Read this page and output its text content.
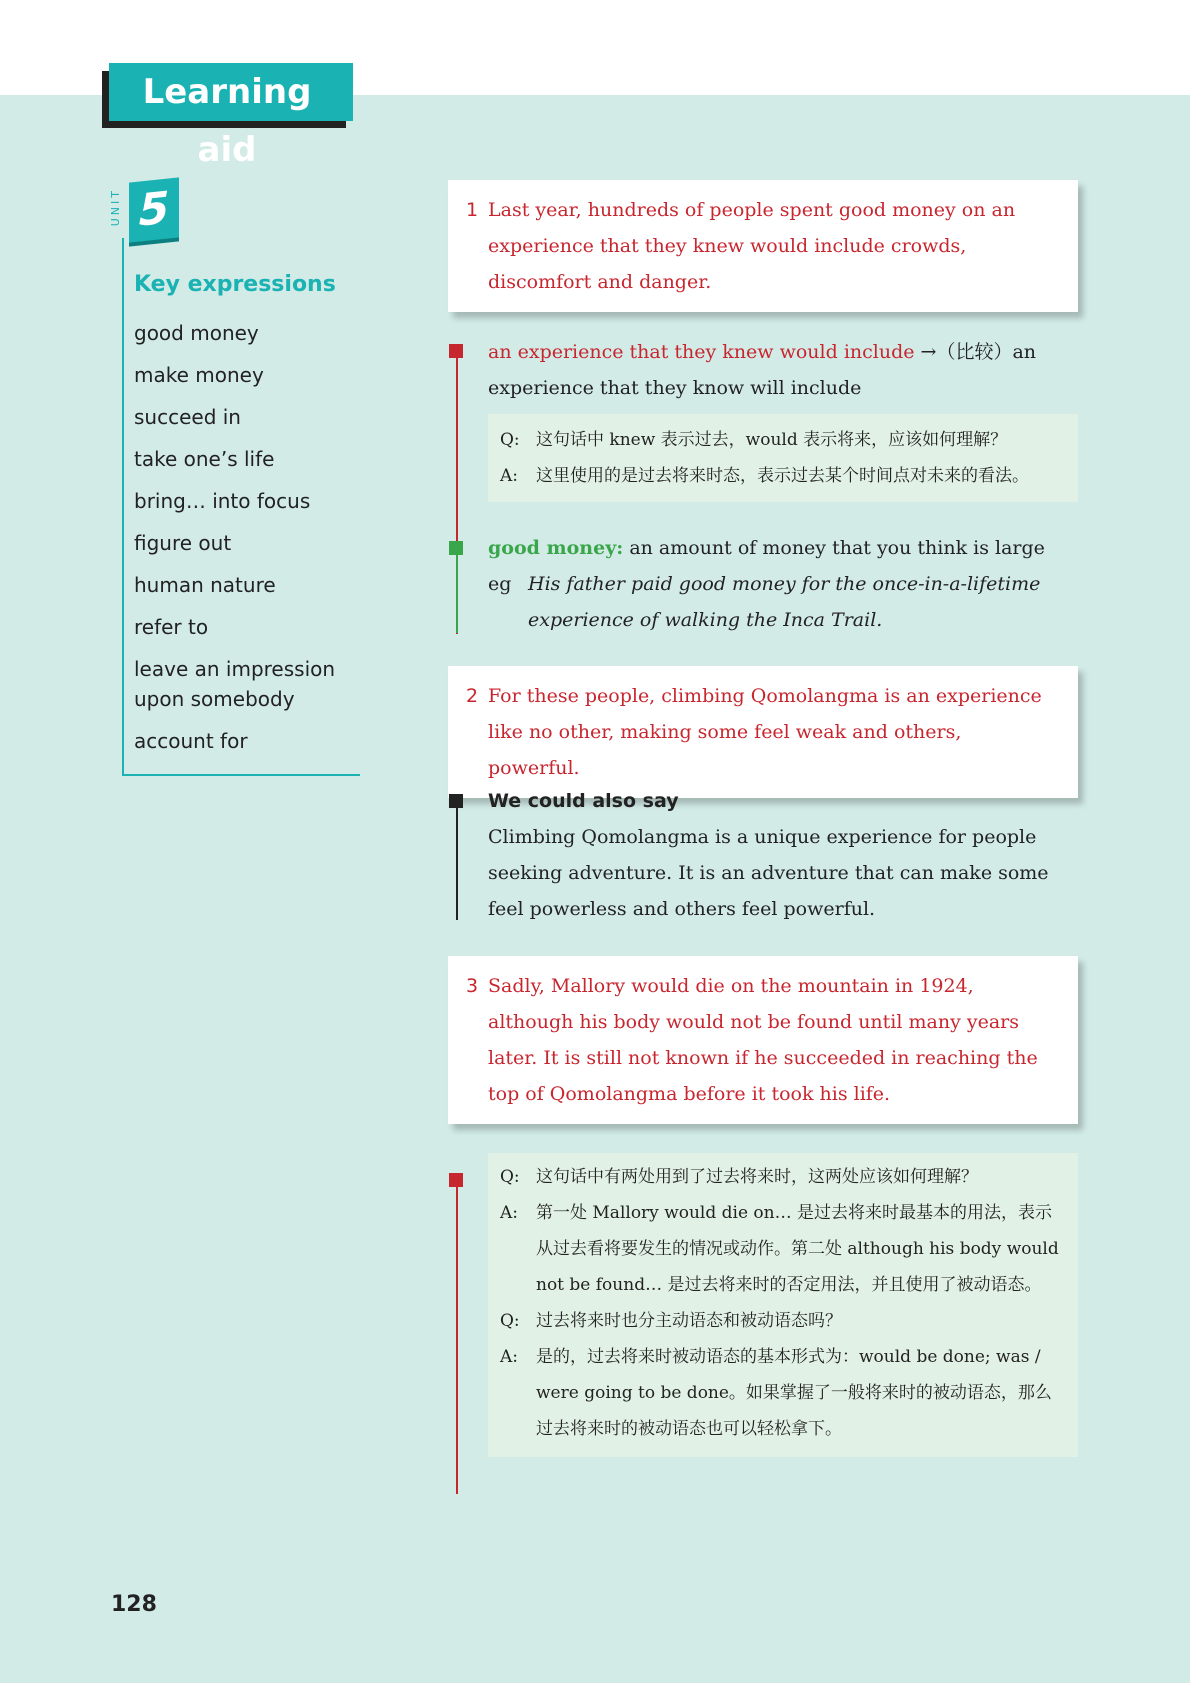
Learning aid
UNIT 5
Key expressions
good money
make money
succeed in
take one’s life
bring… into focus
figure out
human nature
refer to
leave an impression upon somebody
account for
1 Last year, hundreds of people spent good money on an experience that they knew would include crowds, discomfort and danger.
an experience that they knew would include →（比较）an
experience that they know will include
Q: 这句话中 knew 表示过去，would 表示将来，应该如何理解？
A:	这里使用的是过去将来时态，表示过去某个时间点对未来的看法。
good money: an amount of money that you think is large
eg His father paid good money for the once-in-a-lifetime experience of walking the Inca Trail.
2 For these people, climbing Qomolangma is an experience like no other, making some feel weak and others, powerful.
We could also say
Climbing Qomolangma is a unique experience for people seeking adventure. It is an adventure that can make some feel powerless and others feel powerful.
3 Sadly, Mallory would die on the mountain in 1924, although his body would not be found until many years later. It is still not known if he succeeded in reaching the top of Qomolangma before it took his life.
Q: 这句话中有两处用到了过去将来时，这两处应该如何理解？
A:	第一处 Mallory would die on… 是过去将来时最基本的用法，表示从过去看将要发生的情况或动作。第二处 although his body would not be found… 是过去将来时的否定用法，并且使用了被动语态。
Q: 过去将来时也分主动语态和被动语态吗？
A:	是的，过去将来时被动语态的基本形式为：would be done; was / were going to be done。如果掌握了一般将来时的被动语态，那么过去将来时的被动语态也可以轻松拿下。
128
